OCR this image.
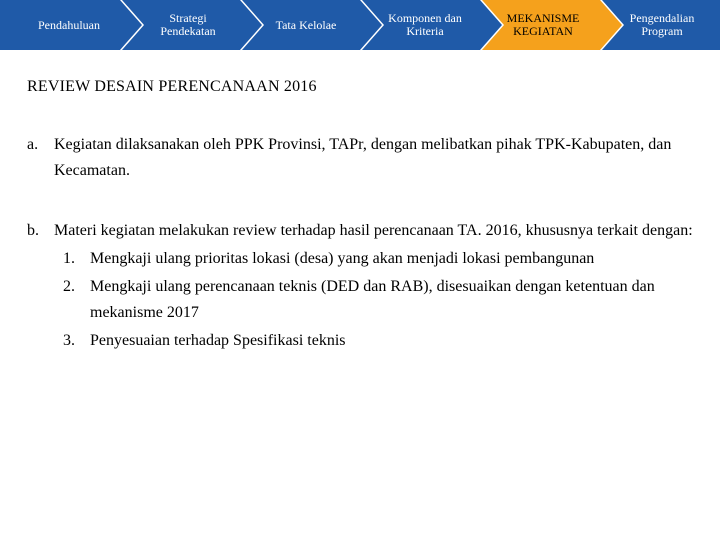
Pendahuluan	Strategi
Pendekatan	Tata Kelolae	Komponen dan
Kriteria
MEKANISME
KEGIATAN
Pengendalian
Program
REVIEW DESAIN PERENCANAAN 2016
a. Kegiatan dilaksanakan oleh PPK Provinsi, TAPr, dengan melibatkan pihak TPK-Kabupaten, dan Kecamatan.
b. Materi kegiatan melakukan review terhadap hasil perencanaan TA. 2016, khususnya terkait dengan:
1. Mengkaji ulang prioritas lokasi (desa) yang akan menjadi lokasi pembangunan
2. Mengkaji ulang perencanaan teknis (DED dan RAB), disesuaikan dengan ketentuan dan mekanisme 2017
3. Penyesuaian terhadap Spesifikasi teknis
